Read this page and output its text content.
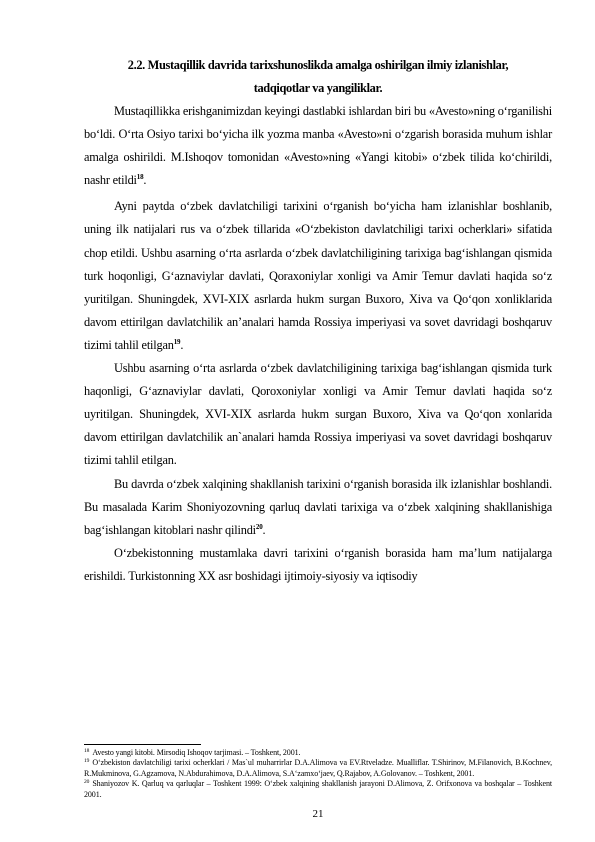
2.2. Mustaqillik davrida tarixshunoslikda amalga oshirilgan ilmiy izlanishlar,
tadqiqotlar va yangiliklar.

Mustaqillikka erishganimizdan keyingi dastlabki ishlardan biri bu «Avesto»ning o‘rganilishi bo‘ldi. O‘rta Osiyo tarixi bo‘yicha ilk yozma manba «Avesto»ni o‘zgarish borasida muhum ishlar amalga oshirildi. M.Ishoqov tomonidan «Avesto»ning «Yangi kitobi» o‘zbek tilida ko‘chirildi, nashr etildi$^{18}$.

Ayni paytda o‘zbek davlatchiligi tarixini o‘rganish bo‘yicha ham izlanishlar boshlanib, uning ilk natijalari rus va o‘zbek tillarida «O‘zbekiston davlatchiligi tarixi ocherklari» sifatida chop etildi. Ushbu asarning o‘rta asrlarda o‘zbek davlatchiligining tarixiga bag‘ishlangan qismida turk hoqonligi, G‘aznaviylar davlati, Qoraxoniylar xonligi va Amir Temur davlati haqida so‘z yuritilgan. Shuningdek, XVI-XIX asrlarda hukm surgan Buxoro, Xiva va Qo‘qon xonliklarida davom ettirilgan davlatchilik an’analari hamda Rossiya imperiyasi va sovet davridagi boshqaruv tizimi tahlil etilgan$^{19}$.

Ushbu asarning o‘rta asrlarda o‘zbek davlatchiligining tarixiga bag‘ishlangan qismida turk haqonligi, G‘aznaviylar davlati, Qoroxoniylar xonligi va Amir Temur davlati haqida so‘z uyritilgan. Shuningdek, XVI-XIX asrlarda hukm surgan Buxoro, Xiva va Qo‘qon xonlarida davom ettirilgan davlatchilik an`analari hamda Rossiya imperiyasi va sovet davridagi boshqaruv tizimi tahlil etilgan.

Bu davrda o‘zbek xalqining shakllanish tarixini o‘rganish borasida ilk izlanishlar boshlandi. Bu masalada Karim Shoniyozovning qarluq davlati tarixiga va o‘zbek xalqining shakllanishiga bag‘ishlangan kitoblari nashr qilindi$^{20}$.

O‘zbekistonning mustamlaka davri tarixini o‘rganish borasida ham ma’lum natijalarga erishildi. Turkistonning XX asr boshidagi ijtimoiy-siyosiy va iqtisodiy

$^{18}$ Avesto yangi kitobi. Mirsodiq Ishoqov tarjimasi. – Toshkent, 2001.

$^{19}$ O‘zbekiston davlatchiligi tarixi ocherklari / Mas`ul muharrirlar D.A.Alimova va EV.Rtveladze. Mualliflar. T.Shirinov, M.Filanovich, B.Kochnev, R.Mukminova, G.Agzamova, N.Abdurahimova, D.A.Alimova, S.A‘zamxo‘jaev, Q.Rajabov, A.Golovanov. – Toshkent, 2001.

$^{20}$ Shaniyozov K. Qarluq va qarluqlar – Toshkent 1999: O‘zbek xalqining shakllanish jarayoni D.Alimova, Z. Orifxonova va boshqalar – Toshkent 2001.

21
